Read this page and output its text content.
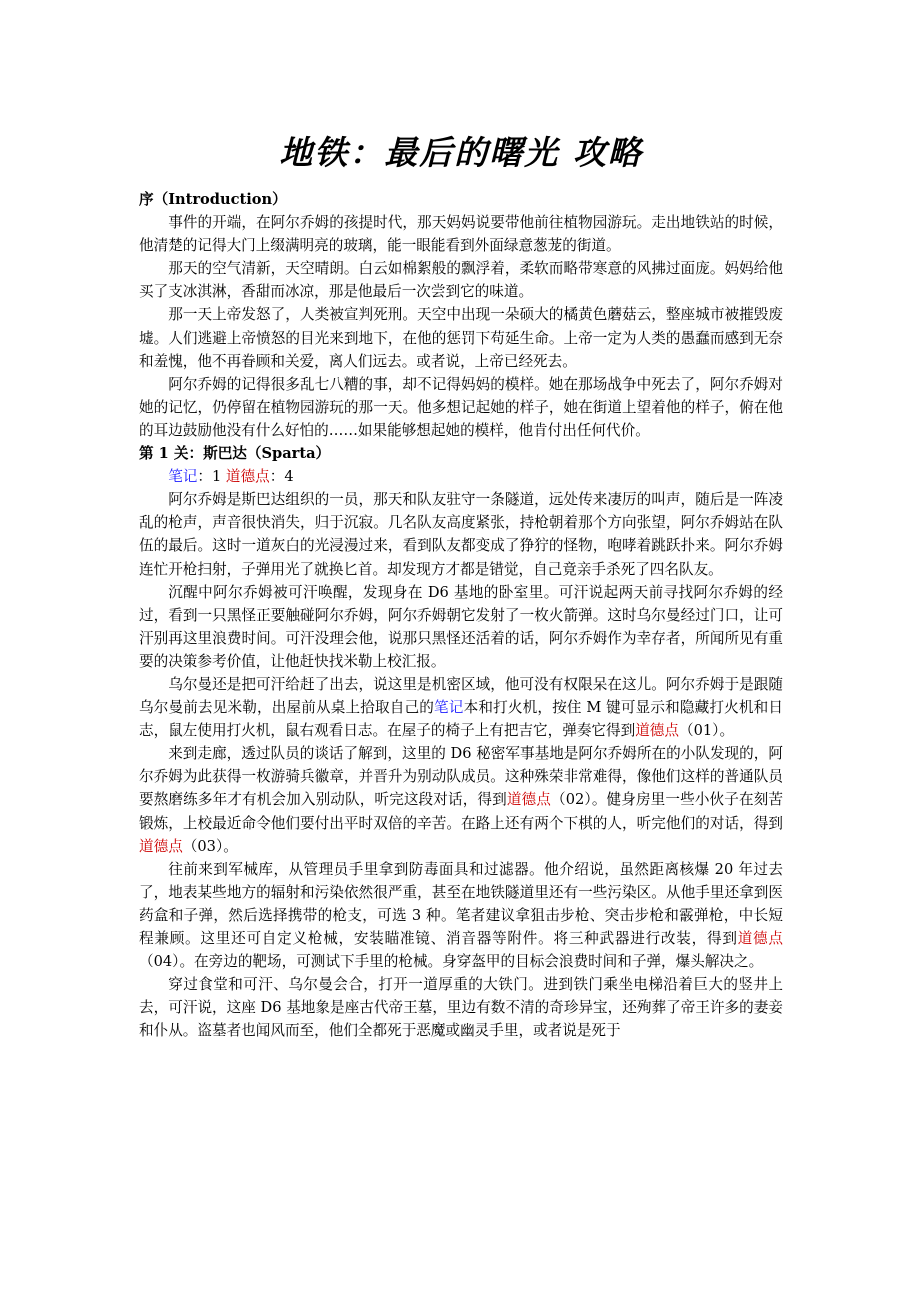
地铁：最后的曙光 攻略
序（Introduction）

事件的开端，在阿尔乔姆的孩提时代，那天妈妈说要带他前往植物园游玩。走出地铁站的时候，他清楚的记得大门上缀满明亮的玻璃，能一眼能看到外面绿意葱茏的街道。

那天的空气清新，天空晴朗。白云如棉絮般的飘浮着，柔软而略带寒意的风拂过面庞。妈妈给他买了支冰淇淋，香甜而冰凉，那是他最后一次尝到它的味道。

那一天上帝发怒了，人类被宣判死刑。天空中出现一朵硕大的橘黄色蘑菇云，整座城市被摧毁废墟。人们逃避上帝愤怒的目光来到地下，在他的惩罚下苟延生命。上帝一定为人类的愚蠢而感到无奈和羞愧，他不再眷顾和关爱，离人们远去。或者说，上帝已经死去。

阿尔乔姆的记得很多乱七八糟的事，却不记得妈妈的模样。她在那场战争中死去了，阿尔乔姆对她的记忆，仍停留在植物园游玩的那一天。他多想记起她的样子，她在街道上望着他的样子，俯在他的耳边鼓励他没有什么好怕的……如果能够想起她的模样，他肯付出任何代价。

第 1 关：斯巴达（Sparta）
笔记：1 道德点：4

阿尔乔姆是斯巴达组织的一员，那天和队友驻守一条隧道，远处传来凄厉的叫声，随后是一阵凌乱的枪声，声音很快消失，归于沉寂。几名队友高度紧张，持枪朝着那个方向张望，阿尔乔姆站在队伍的最后。这时一道灰白的光浸漫过来，看到队友都变成了狰狞的怪物，咆哮着跳跃扑来。阿尔乔姆连忙开枪扫射，子弹用光了就换匕首。却发现方才都是错觉，自己竟亲手杀死了四名队友。

沉醒中阿尔乔姆被可汗唤醒，发现身在 D6 基地的卧室里。可汗说起两天前寻找阿尔乔姆的经过，看到一只黑怪正要触碰阿尔乔姆，阿尔乔姆朝它发射了一枚火箭弹。这时乌尔曼经过门口，让可汗别再这里浪费时间。可汗没理会他，说那只黑怪还活着的话，阿尔乔姆作为幸存者，所闻所见有重要的决策参考价值，让他赶快找米勒上校汇报。

乌尔曼还是把可汗给赶了出去，说这里是机密区域，他可没有权限呆在这儿。阿尔乔姆于是跟随乌尔曼前去见米勒，出屋前从桌上拾取自己的笔记本和打火机，按住 M 键可显示和隐藏打火机和日志，鼠左使用打火机，鼠右观看日志。在屋子的椅子上有把吉它，弹奏它得到道德点（01）。

来到走廊，透过队员的谈话了解到，这里的 D6 秘密军事基地是阿尔乔姆所在的小队发现的，阿尔乔姆为此获得一枚游骑兵徽章，并晋升为别动队成员。这种殊荣非常难得，像他们这样的普通队员要熬磨练多年才有机会加入别动队，听完这段对话，得到道德点（02）。健身房里一些小伙子在刻苦锻炼，上校最近命令他们要付出平时双倍的辛苦。在路上还有两个下棋的人，听完他们的对话，得到道德点（03）。

往前来到军械库，从管理员手里拿到防毒面具和过滤器。他介绍说，虽然距离核爆 20 年过去了，地表某些地方的辐射和污染依然很严重，甚至在地铁隧道里还有一些污染区。从他手里还拿到医药盒和子弹，然后选择携带的枪支，可选 3 种。笔者建议拿狙击步枪、突击步枪和霰弹枪，中长短程兼顾。这里还可自定义枪械，安装瞄准镜、消音器等附件。将三种武器进行改装，得到道德点（04）。在旁边的靶场，可测试下手里的枪械。身穿盔甲的目标会浪费时间和子弹，爆头解决之。

穿过食堂和可汗、乌尔曼会合，打开一道厚重的大铁门。进到铁门乘坐电梯沿着巨大的竖井上去，可汗说，这座 D6 基地象是座古代帝王墓，里边有数不清的奇珍异宝，还殉葬了帝王许多的妻妾和仆从。盗墓者也闻风而至，他们全都死于恶魔或幽灵手里，或者说是死于
